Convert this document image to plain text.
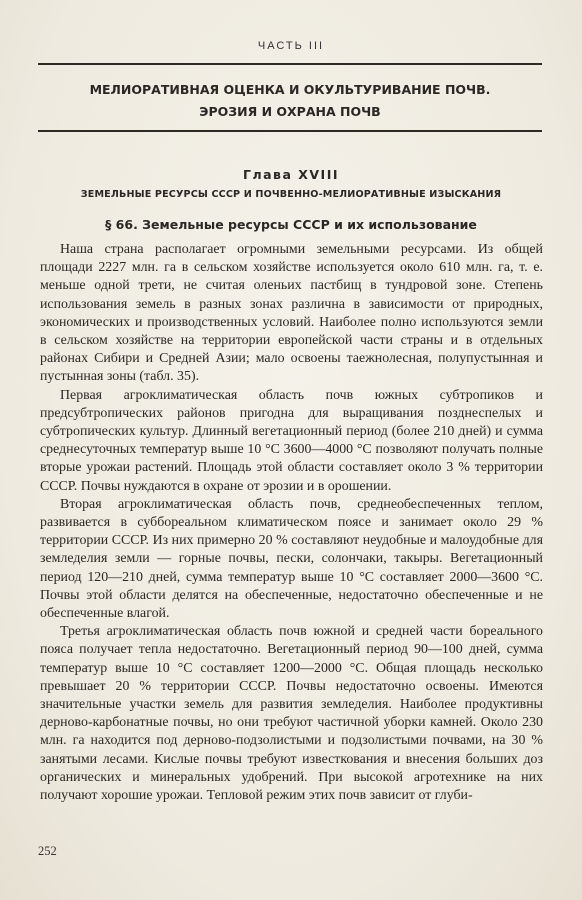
ЧАСТЬ III
МЕЛИОРАТИВНАЯ ОЦЕНКА И ОКУЛЬТУРИВАНИЕ ПОЧВ.
ЭРОЗИЯ И ОХРАНА ПОЧВ
Глава XVIII
ЗЕМЕЛЬНЫЕ РЕСУРСЫ СССР И ПОЧВЕННО-МЕЛИОРАТИВНЫЕ ИЗЫСКАНИЯ
§ 66. Земельные ресурсы СССР и их использование

Наша страна располагает огромными земельными ресурсами. Из общей площади 2227 млн. га в сельском хозяйстве используется около 610 млн. га, т. е. меньше одной трети, не считая оленьих пастбищ в тундровой зоне. Степень использования земель в разных зонах различна в зависимости от природных, экономических и производственных условий. Наиболее полно используются земли в сельском хозяйстве на территории европейской части страны и в отдельных районах Сибири и Средней Азии; мало освоены таежнолесная, полупустынная и пустынная зоны (табл. 35).

Первая агроклиматическая область почв южных субтропиков и предсубтропических районов пригодна для выращивания позднеспелых и субтропических культур. Длинный вегетационный период (более 210 дней) и сумма среднесуточных температур выше 10 °С 3600—4000 °С позволяют получать полные вторые урожаи растений. Площадь этой области составляет около 3 % территории СССР. Почвы нуждаются в охране от эрозии и в орошении.

Вторая агроклиматическая область почв, среднеобеспеченных теплом, развивается в суббореальном климатическом поясе и занимает около 29 % территории СССР. Из них примерно 20 % составляют неудобные и малоудобные для земледелия земли — горные почвы, пески, солончаки, такыры. Вегетационный период 120—210 дней, сумма температур выше 10 °С составляет 2000—3600 °С. Почвы этой области делятся на обеспеченные, недостаточно обеспеченные и не обеспеченные влагой.

Третья агроклиматическая область почв южной и средней части бореального пояса получает тепла недостаточно. Вегетационный период 90—100 дней, сумма температур выше 10 °С составляет 1200—2000 °С. Общая площадь несколько превышает 20 % территории СССР. Почвы недостаточно освоены. Имеются значительные участки земель для развития земледелия. Наиболее продуктивны дерново-карбонатные почвы, но они требуют частичной уборки камней. Около 230 млн. га находится под дерново-подзолистыми и подзолистыми почвами, на 30 % занятыми лесами. Кислые почвы требуют известкования и внесения больших доз органических и минеральных удобрений. При высокой агротехнике на них получают хорошие урожаи. Тепловой режим этих почв зависит от глуби-

252
